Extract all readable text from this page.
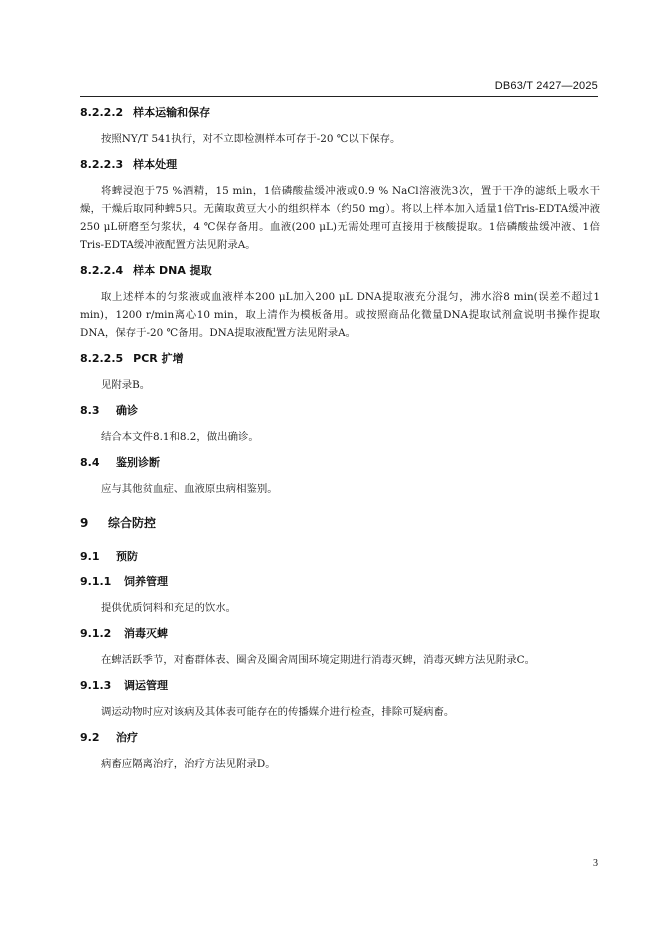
DB63/T 2427—2025
8.2.2.2 样本运输和保存

按照NY/T 541执行，对不立即检测样本可存于-20 ℃以下保存。

8.2.2.3 样本处理

将蜱浸泡于75 %酒精，15 min，1倍磷酸盐缓冲液或0.9 % NaCl溶液洗3次，置于干净的滤纸上吸水干燥，干燥后取同种蜱5只。无菌取黄豆大小的组织样本（约50 mg）。将以上样本加入适量1倍Tris-EDTA缓冲液250 μL研磨至匀浆状，4 ℃保存备用。血液(200 μL)无需处理可直接用于核酸提取。1倍磷酸盐缓冲液、1倍Tris-EDTA缓冲液配置方法见附录A。

8.2.2.4 样本 DNA 提取

取上述样本的匀浆液或血液样本200 μL加入200 μL DNA提取液充分混匀，沸水浴8 min(误差不超过1 min)，1200 r/min离心10 min，取上清作为模板备用。或按照商品化微量DNA提取试剂盒说明书操作提取DNA，保存于-20 ℃备用。DNA提取液配置方法见附录A。

8.2.2.5 PCR 扩增

见附录B。

8.3 确诊

结合本文件8.1和8.2，做出确诊。

8.4 鉴别诊断

应与其他贫血症、血液原虫病相鉴别。

9 综合防控
9.1 预防
9.1.1 饲养管理

提供优质饲料和充足的饮水。

9.1.2 消毒灭蜱

在蜱活跃季节，对畜群体表、圈舍及圈舍周围环境定期进行消毒灭蜱，消毒灭蜱方法见附录C。

9.1.3 调运管理

调运动物时应对该病及其体表可能存在的传播媒介进行检查，排除可疑病畜。

9.2 治疗

病畜应隔离治疗，治疗方法见附录D。

3
